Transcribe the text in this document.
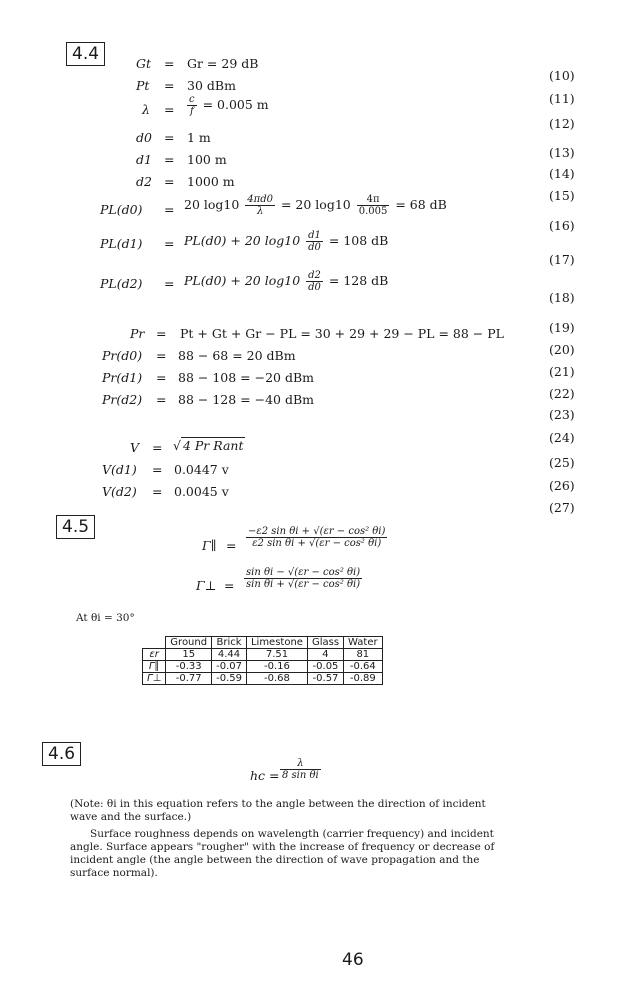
4.4
4.5
4.6
Gt = Gr = 29 dB
Pt = 30 dBm
$\lambda = \frac{c}{f} = 0.005$ m
d0 = 1 m
d1 = 100 m
d2 = 1000 m
PL(d0) = 20 $\log 10 \frac{4\pi d0}{\lambda} = 20$ $\log 10 \frac{4\pi}{0.005} = 68$ dB
PL(d1) = PL(d0) + 20 $\log 10 \frac{d1}{d0} = 108$ dB
PL(d2) = PL(d0) + 20 $\log 10 \frac{d2}{d0} = 128$ dB
Pr = Pt + Gt + Gr − PL = 30 + 29 + 29 − PL = 88 − PL
Pr(d0) = 88 − 68 = 20 dBm
Pr(d1) = 88 − 108 = −20 dBm
Pr(d2) = 88 − 128 = −40 dBm
V = √ 4 Pr Rant
V(d1) = 0.0447 v
V(d2) = 0.0045 v
(10)
(11)
(12)
(13)
(14)
(15)
(16)
(17)
(18)
(19)
(20)
(21)
(22)
(23)
(24)
(25)
(26)
(27)
Γ∥ = $\frac{\text{−ε2 sin θi + √(εr − cos² θi)}}{\text{ε2 sin θi + √(εr − cos² θi)}}$
Γ⊥ = $\frac{\text{sin θi − √(εr − cos² θi)}}{\text{sin θi + √(εr − cos² θi)}}$
At θi = 30°
	Ground	Brick	Limestone	Glass	Water
εr	15	4.44	7.51	4	81
Γ∥	-0.33	-0.07	-0.16	-0.05	-0.64
Γ⊥	-0.77	-0.59	-0.68	-0.57	-0.89
hc = $\frac{\lambda}{\text{8 sin θi}}$
(Note: θi in this equation refers to the angle between the direction of incident wave and the surface.)
Surface roughness depends on wavelength (carrier frequency) and incident angle. Surface appears "rougher" with the increase of frequency or decrease of incident angle (the angle between the direction of wave propagation and the surface normal).
46
